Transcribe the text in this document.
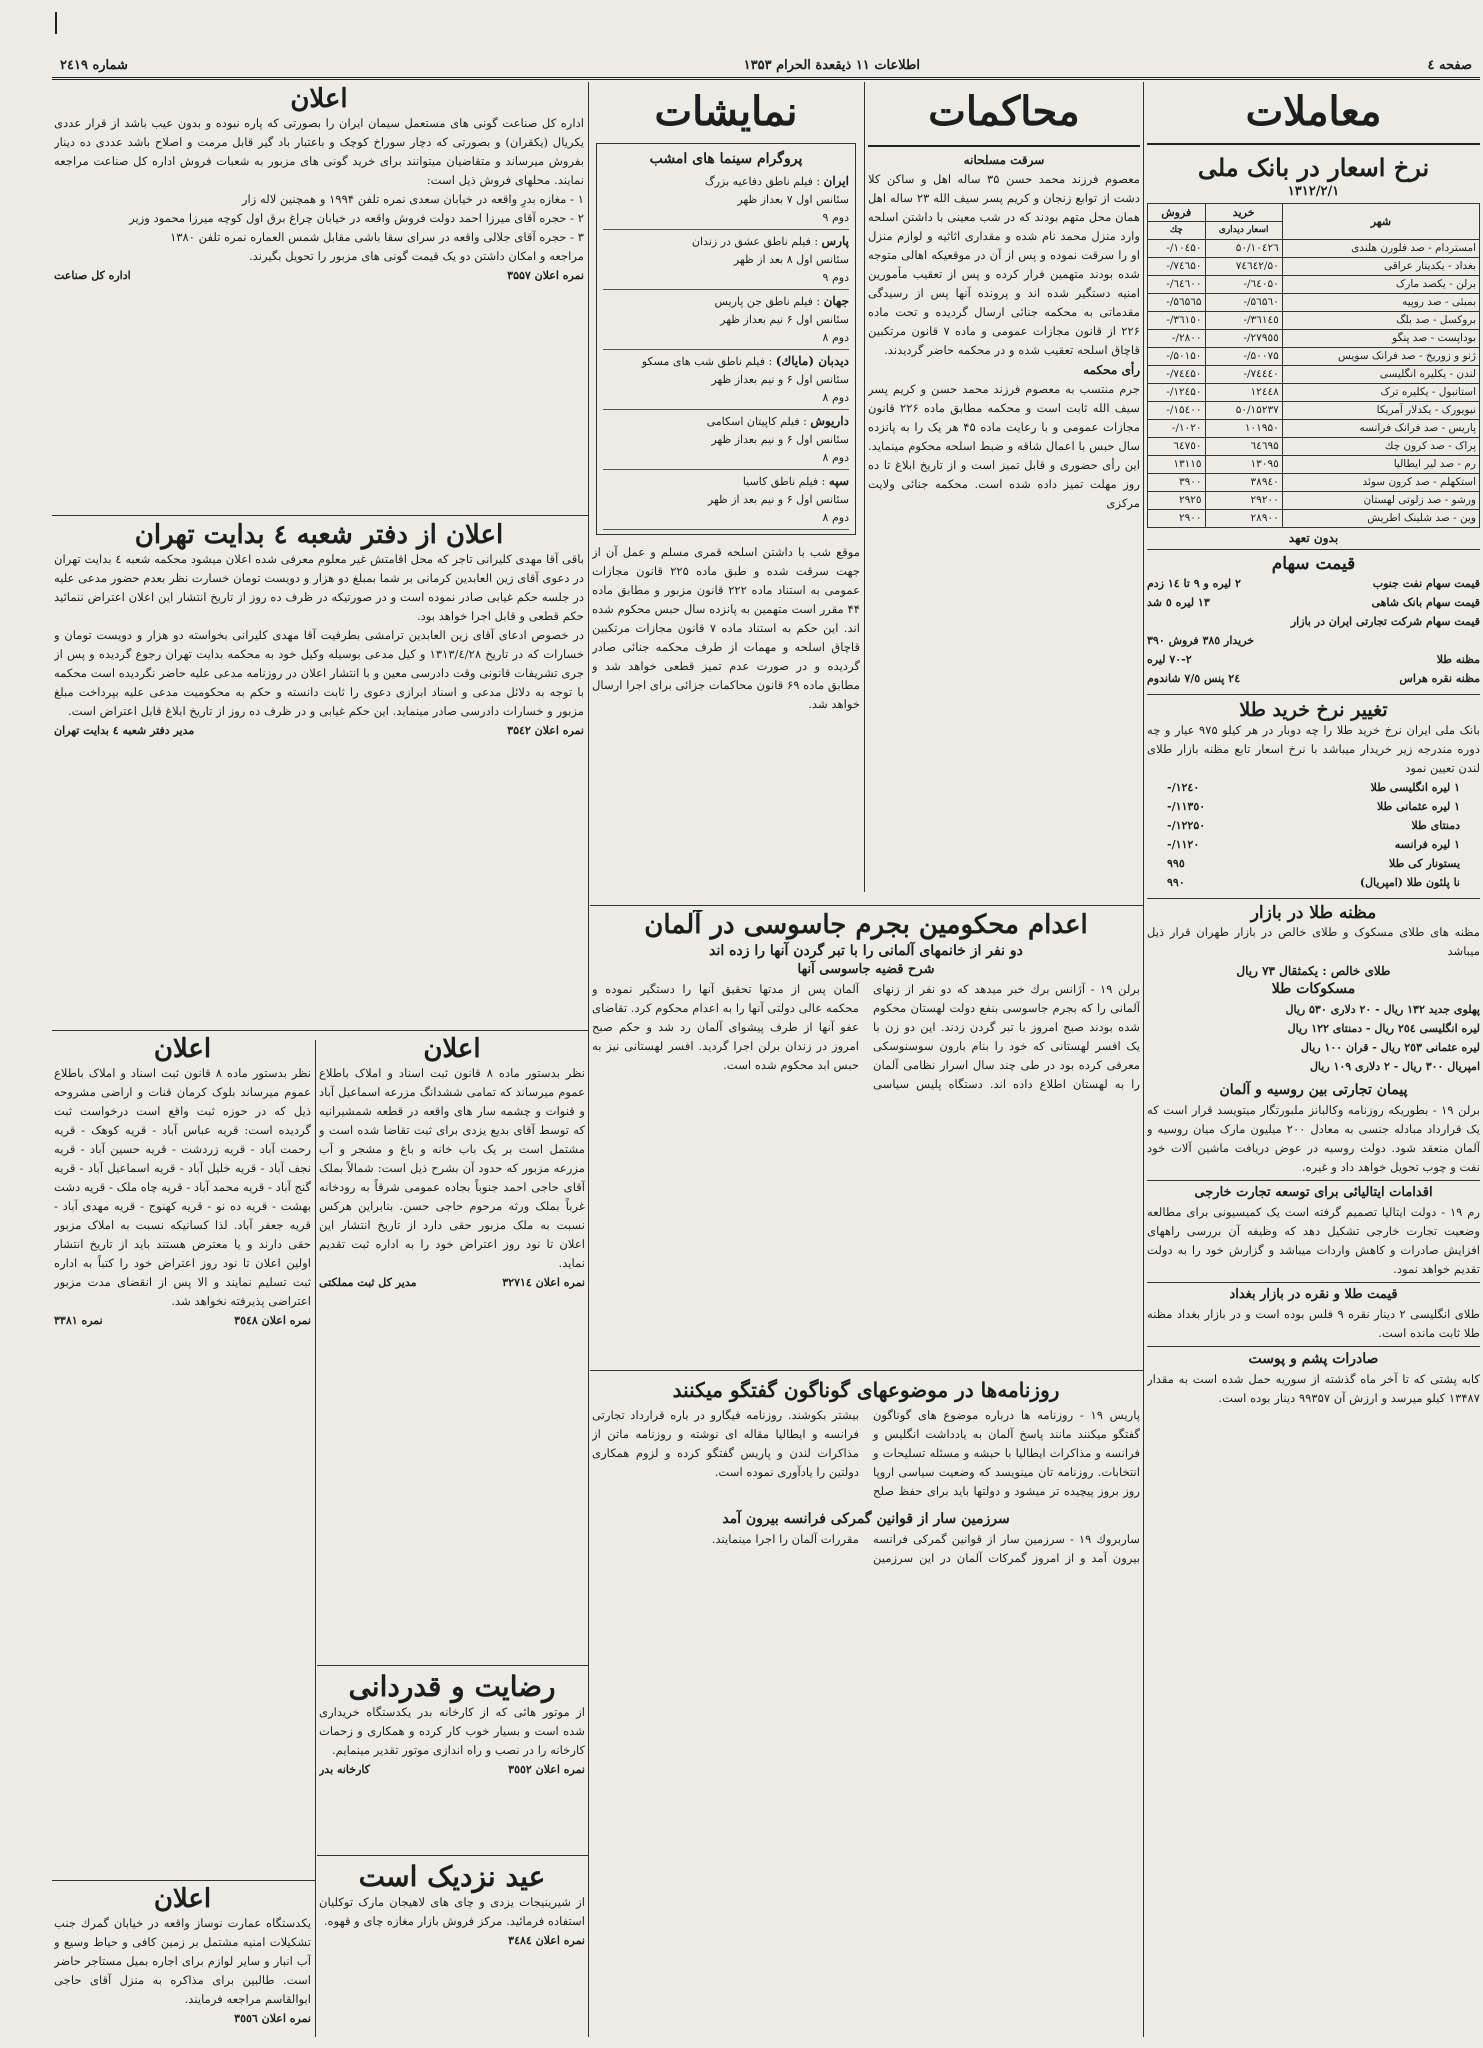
صفحه ٤
اطلاعات ۱۱ ذیقعدة الحرام ۱۳۵۳
شماره ۲٤۱۹
معاملات
نرخ اسعار در بانک ملی
۱۳۱۲/۲/۱
شهر	خرید	فروش
	اسعار دیداری	چك
امستردام - صد فلورن هلندی	۱۰٤۲٦/۵۰	۱۰٤۵۰/-
بغداد - یکدینار عراقی	۷٤٦٤۲/۵۰	۷٤٦۵۰/-
برلن - یکصد مارک	٦٤۰۵٠/-	٦٤٦۰۰/-
بمبئی - صد روپیه	۵٦۵٦۰/-	۵٦۵٦۵/-
بروکسل - صد بلگ	٣٦١٤٥/-	٣٦١٥٠/-
بوداپست - صد پنگو	٢٧٩٥٥/-	٢٨٠٠/-
ژنو و زوریخ - صد فرانک سویس	۵۰۰٧۵/-	۵۰١۵۰/-
لندن - یکلیره انگلیسی	٧٤٤٤٠/-	٧٤٤۵٠/-
استانبول - یکلیره ترک	١٢٤٤٨	١٢٤۵٠/-
نیویورک - یکدلار آمریکا	١۵٢٣٧/۵٠	١۵٤٠٠/-
پاریس - صد فرانک فرانسه	١٠١٩۵٠	١٠٢٠/-
پراک - صد کرون چك	٦٤٦٩۵	٦٤٧٥٠
رم - صد لیر ایطالیا	١٣٠٩٥	١٣١١٥
استکهلم - صد کرون سوئد	٣٨٩٤٠	٣٩٠٠
ورشو - صد زلوتی لهستان	٢٩٢٠٠	٢٩٢٥
وین - صد شلینک اطریش	٢٨٩٠٠	٢٩٠٠
بدون تعهد
قیمت سهام
قیمت سهام نفت جنوب
٢ لیره و ٩ تا ١٤ زدم
قیمت سهام بانک شاهی
١٣ لیره ٥ شد
قیمت سهام شرکت تجارتی ایران در بازار
خریدار ٣٨٥ فروش ٣٩٠
مظنه طلا
٢-٧٠ لیره
مظنه نقره هراس
٢٤ پنس ٧/٥ شاندوم
تغییر نرخ خرید طلا

بانک ملی ایران نرخ خرید طلا را چه دوبار در هر کیلو ۹۷۵ عیار و چه دوره مندرجه زیر خریدار میباشد با نرخ اسعار تابع مظنه بازار طلای لندن تعیین نمود

۱ لیره انگلیسی طلا
١٢٤٠/-
١ لیره عثمانی طلا
١١٣٥٠/-
دمنتای طلا
١٢٢۵٠/-
١ لیره فرانسه
١١٢٠/-
یستونار کی طلا
٩٩٥
نا پلئون طلا (امپریال)
٩٩٠
مظنه طلا در بازار

مظنه های طلای مسکوک و طلای خالص در بازار طهران قرار ذیل میباشد

طلای خالص : یکمثقال ٧٣ ریال

مسکوکات طلا
پهلوی جدید ١٣٢ ریال - ٢٠ دلاری ۵٣٠ ریال
لیره انگلیسی ٢٥٤ ریال - دمنتای ١٢٢ ریال
لیره عثمانی ٢٥٣ ریال - قران ١٠٠ ریال
امپریال ٣٠٠ ریال - ٢ دلاری ١٠٩ ریال
پیمان تجارتی بین روسیه و آلمان

برلن ۱۹ - بطوریکه روزنامه وکالبانز ملبورتگار میتویسد قرار است که یک قرارداد مبادله جنسی به معادل ۲۰۰ میلیون مارک میان روسیه و آلمان منعقد شود. دولت روسیه در عوض دریافت ماشین آلات خود نفت و چوب تحویل خواهد داد و غیره.

اقدامات ایتالیائی برای توسعه تجارت خارجی

رم ۱۹ - دولت ایتالیا تصمیم گرفته است یک کمیسیونی برای مطالعه وضعیت تجارت خارجی تشکیل دهد که وظیفه آن بررسی راههای افزایش صادرات و کاهش واردات میباشد و گزارش خود را به دولت تقدیم خواهد نمود.

قیمت طلا و نقره در بازار بغداد

طلای انگلیسی ۲ دینار نقره ۹ فلس بوده است و در بازار بغداد مظنه طلا ثابت مانده است.

صادرات پشم و پوست

کابه پشتی که تا آخر ماه گذشته از سوریه حمل شده است به مقدار ۱۳۴۸۷ کیلو میرسد و ارزش آن ۹۹۳۵۷ دینار بوده است.

محاکمات
سرقت مسلحانه

معصوم فرزند محمد حسن ۳۵ ساله اهل و ساکن کلا دشت از توابع زنجان و کریم پسر سیف الله ۲۳ ساله اهل همان محل متهم بودند که در شب معینی با داشتن اسلحه وارد منزل محمد نام شده و مقداری اثاثیه و لوازم منزل او را سرقت نموده و پس از آن در موقعیکه اهالی متوجه شده بودند متهمین فرار کرده و پس از تعقیب مأمورین امنیه دستگیر شده اند و پرونده آنها پس از رسیدگی مقدماتی به محکمه جنائی ارسال گردیده و تحت ماده ۲۲۶ از قانون مجازات عمومی و ماده ۷ قانون مرتکبین قاچاق اسلحه تعقیب شده و در محکمه حاضر گردیدند.

رأی محکمه

جرم منتسب به معصوم فرزند محمد حسن و کریم پسر سیف الله ثابت است و محکمه مطابق ماده ۲۲۶ قانون مجازات عمومی و با رعایت ماده ۴۵ هر یک را به پانزده سال حبس با اعمال شاقه و ضبط اسلحه محکوم مینماید. این رأی حضوری و قابل تمیز است و از تاریخ ابلاغ تا ده روز مهلت تمیز داده شده است. محکمه جنائی ولایت مرکزی

نمایشات
پروگرام سینما های امشب

ایران : فیلم ناطق دفاعیه بزرگ

سئانس اول ۷ بعداز ظهر

دوم ۹

پارس : فیلم ناطق عشق در زندان

سئانس اول ۸ بعد از ظهر

دوم ۹

جهان : فیلم ناطق جن پاریس

سئانس اول ۶ نیم بعداز ظهر

دوم ۸

دیدبان (مایاك) : فیلم ناطق شب های مسکو

سئانس اول ۶ و نیم بعداز ظهر

دوم ۸

داریوش : فیلم کاپیتان اسکامی

سئانس اول ۶ و نیم بعداز ظهر

دوم ۸

سپه : فیلم ناطق کاسیا

سئانس اول ۶ و نیم بعد از ظهر

دوم ۸

موقع شب با داشتن اسلحه قمری مسلم و عمل آن از جهت سرقت شده و طبق ماده ۲۲۵ قانون مجازات عمومی به استناد ماده ۲۲۲ قانون مزبور و مطابق ماده ۴۴ مقرر است متهمین به پانزده سال حبس محکوم شده اند. این حکم به استناد ماده ۷ قانون مجازات مرتکبین قاچاق اسلحه و مهمات از طرف محکمه جنائی صادر گردیده و در صورت عدم تمیز قطعی خواهد شد و مطابق ماده ۶۹ قانون محاکمات جزائی برای اجرا ارسال خواهد شد.

اعدام محکومین بجرم جاسوسی در آلمان
دو نفر از خانمهای آلمانی را با تبر گردن آنها را زده اند
شرح قضیه جاسوسی آنها

برلن ۱۹ - آژانس برك خبر میدهد که دو نفر از زنهای آلمانی را که بجرم جاسوسی بنفع دولت لهستان محکوم شده بودند صبح امروز با تبر گردن زدند. این دو زن با یک افسر لهستانی که خود را بنام بارون سوسنوسکی معرفی کرده بود در طی چند سال اسرار نظامی آلمان را به لهستان اطلاع داده اند. دستگاه پلیس سیاسی آلمان پس از مدتها تحقیق آنها را دستگیر نموده و محکمه عالی دولتی آنها را به اعدام محکوم کرد. تقاضای عفو آنها از طرف پیشوای آلمان رد شد و حکم صبح امروز در زندان برلن اجرا گردید. افسر لهستانی نیز به حبس ابد محکوم شده است.

روزنامه‌ها در موضوعهای گوناگون گفتگو میکنند

پاریس ۱۹ - روزنامه ها درباره موضوع های گوناگون گفتگو میکنند مانند پاسخ آلمان به یادداشت انگلیس و فرانسه و مذاکرات ایطالیا با حبشه و مسئله تسلیحات و انتخابات. روزنامه تان مینویسد که وضعیت سیاسی اروپا روز بروز پیچیده تر میشود و دولتها باید برای حفظ صلح بیشتر بکوشند. روزنامه فیگارو در باره قرارداد تجارتی فرانسه و ایطالیا مقاله ای نوشته و روزنامه ماتن از مذاکرات لندن و پاریس گفتگو کرده و لزوم همکاری دولتین را یادآوری نموده است.

سرزمین سار از قوانین گمرکی فرانسه بیرون آمد

ساربروك ۱۹ - سرزمین سار از قوانین گمرکی فرانسه بیرون آمد و از امروز گمرکات آلمان در این سرزمین مقررات آلمان را اجرا مینمایند.

اعلان

اداره کل صناعت گونی های مستعمل سیمان ایران را بصورتی که پاره نبوده و بدون عیب باشد از قرار عددی یکریال (یکقران) و بصورتی که دچار سوراخ کوچک و باعتبار باد گیر قابل مرمت و اصلاح باشد عددی ده دینار بفروش میرساند و متقاضیان میتوانند برای خرید گونی های مزبور به شعبات فروش اداره کل صناعت مراجعه نمایند. محلهای فروش ذیل است:

۱ - مغازه بدرِ واقعه در خیابان سعدی نمره تلفن ۱۹۹۴ و همچنین لاله زار

۲ - حجره آقای میرزا احمد دولت فروش واقعه در خیابان چراغ برق اول کوچه میرزا محمود وزیر

۳ - حجره آقای جلالی واقعه در سرای سقا باشی مقابل شمس العماره نمره تلفن ۱۳۸۰

مراجعه و امکان داشتن دو یک قیمت گونی های مزبور را تحویل بگیرند.

نمره اعلان ٣۵۵٧
اداره کل صناعت
اعلان از دفتر شعبه ٤ بدایت تهران

باقی آقا مهدی کلیرانی تاجر که محل اقامتش غیر معلوم معرفی شده اعلان میشود محکمه شعبه ٤ بدایت تهران در دعوی آقای زین العابدین کرمانی بر شما بمبلغ دو هزار و دویست تومان خسارت نظر بعدم حضور مدعی علیه در جلسه حکم غیابی صادر نموده است و در صورتیکه در ظرف ده روز از تاریخ انتشار این اعلان اعتراض ننمائید حکم قطعی و قابل اجرا خواهد بود.

در خصوص ادعای آقای زین العابدین ترامشی بطرفیت آقا مهدی کلیرانی بخواسته دو هزار و دویست تومان و خسارات که در تاریخ ١٣١٣/٤/٢٨ و کیل مدعی بوسیله وکیل خود به محکمه بدایت تهران رجوع گردیده و پس از جری تشریفات قانونی وقت دادرسی معین و با انتشار اعلان در روزنامه مدعی علیه حاضر نگردیده است محکمه با توجه به دلائل مدعی و اسناد ابرازی دعوی را ثابت دانسته و حکم به محکومیت مدعی علیه بپرداخت مبلغ مزبور و خسارات دادرسی صادر مینماید. این حکم غیابی و در ظرف ده روز از تاریخ ابلاغ قابل اعتراض است.

نمره اعلان ٣۵٤٢
مدیر دفتر شعبه ٤ بدایت تهران
اعلان

نظر بدستور ماده ۸ قانون ثبت اسناد و املاک باطلاع عموم میرساند بلوک کرمان قنات و اراضی مشروحه ذیل که در حوزه ثبت واقع است درخواست ثبت گردیده است: قریه عباس آباد - قریه کوهک - قریه رحمت آباد - قریه زردشت - قریه حسین آباد - قریه نجف آباد - قریه خلیل آباد - قریه اسماعیل آباد - قریه گنج آباد - قریه محمد آباد - قریه چاه ملک - قریه دشت بهشت - قریه ده نو - قریه کهنوج - قریه مهدی آباد - قریه جعفر آباد. لذا کسانیکه نسبت به املاک مزبور حقی دارند و یا معترض هستند باید از تاریخ انتشار اولین اعلان تا نود روز اعتراض خود را کتباً به اداره ثبت تسلیم نمایند و الا پس از انقضای مدت مزبور اعتراضی پذیرفته نخواهد شد.

نمره اعلان ٣٥٤٨
نمره ٣٣٨١
اعلان

نظر بدستور ماده ۸ قانون ثبت اسناد و املاک باطلاع عموم میرساند که تمامی ششدانگ مزرعه اسماعیل آباد و قنوات و چشمه سار های واقعه در قطعه شمشیرانیه که توسط آقای بدیع یزدی برای ثبت تقاضا شده است و مشتمل است بر یک باب خانه و باغ و مشجر و آب مزرعه مزبور که حدود آن بشرح ذیل است: شمالاً بملک آقای حاجی احمد جنوباً بجاده عمومی شرقاً به رودخانه غرباً بملک ورثه مرحوم حاجی حسن. بنابراین هرکس نسبت به ملک مزبور حقی دارد از تاریخ انتشار این اعلان تا نود روز اعتراض خود را به اداره ثبت تقدیم نماید.

نمره اعلان ٣٢٧١٤
مدیر کل ثبت مملکتی
رضایت و قدردانی

از موتور هائی که از کارخانه بدر یکدستگاه خریداری شده است و بسیار خوب کار کرده و همکاری و زحمات کارخانه را در نصب و راه اندازی موتور تقدیر مینمایم.

نمره اعلان ٣٥٥٢
کارخانه بدر
عید نزدیک است

از شیرینیجات یزدی و چای های لاهیجان مارک توکلیان استفاده فرمائید. مرکز فروش بازار مغازه چای و قهوه.

نمره اعلان ٣٤٨٤
اعلان

یکدستگاه عمارت نوساز واقعه در خیابان گمرك جنب تشکیلات امنیه مشتمل بر زمین کافی و حیاط وسیع و آب انبار و سایر لوازم برای اجاره بمیل مستاجر حاضر است. طالبین برای مذاکره به منزل آقای حاجی ابوالقاسم مراجعه فرمایند.

نمره اعلان ٣٥٥٦
